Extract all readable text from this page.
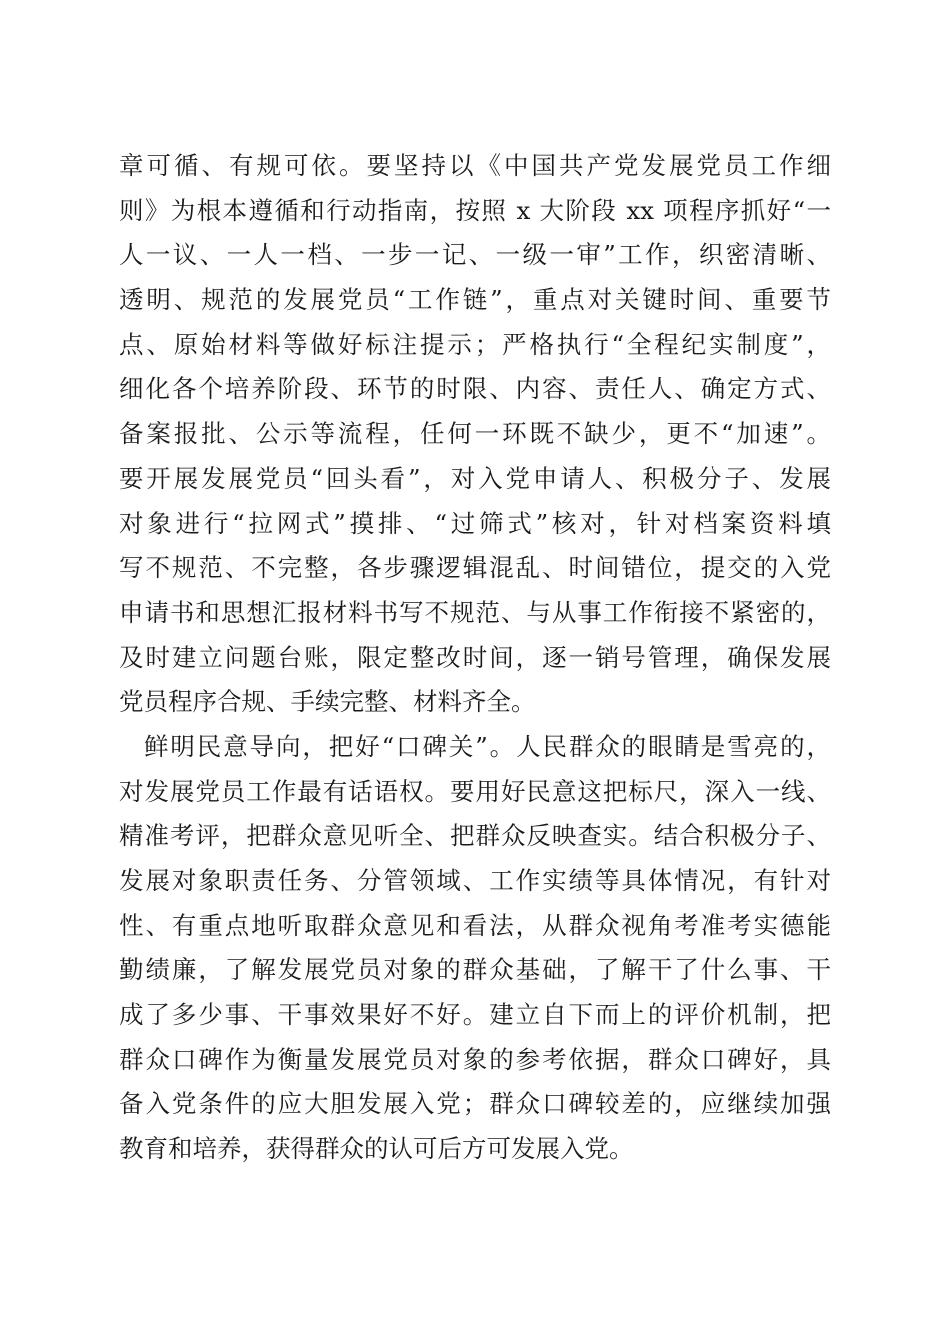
章可循、有规可依。要坚持以《中国共产党发展党员工作细
则》为根本遵循和行动指南，按照 x 大阶段 xx 项程序抓好“一
人一议、一人一档、一步一记、一级一审”工作，织密清晰、
透明、规范的发展党员“工作链”，重点对关键时间、重要节
点、原始材料等做好标注提示；严格执行“全程纪实制度”，
细化各个培养阶段、环节的时限、内容、责任人、确定方式、
备案报批、公示等流程，任何一环既不缺少，更不“加速”。
要开展发展党员“回头看”，对入党申请人、积极分子、发展
对象进行“拉网式”摸排、“过筛式”核对，针对档案资料填
写不规范、不完整，各步骤逻辑混乱、时间错位，提交的入党
申请书和思想汇报材料书写不规范、与从事工作衔接不紧密的，
及时建立问题台账，限定整改时间，逐一销号管理，确保发展
党员程序合规、手续完整、材料齐全。
鲜明民意导向，把好“口碑关”。人民群众的眼睛是雪亮的，
对发展党员工作最有话语权。要用好民意这把标尺，深入一线、
精准考评，把群众意见听全、把群众反映查实。结合积极分子、
发展对象职责任务、分管领域、工作实绩等具体情况，有针对
性、有重点地听取群众意见和看法，从群众视角考准考实德能
勤绩廉，了解发展党员对象的群众基础，了解干了什么事、干
成了多少事、干事效果好不好。建立自下而上的评价机制，把
群众口碑作为衡量发展党员对象的参考依据，群众口碑好，具
备入党条件的应大胆发展入党；群众口碑较差的，应继续加强
教育和培养，获得群众的认可后方可发展入党。
